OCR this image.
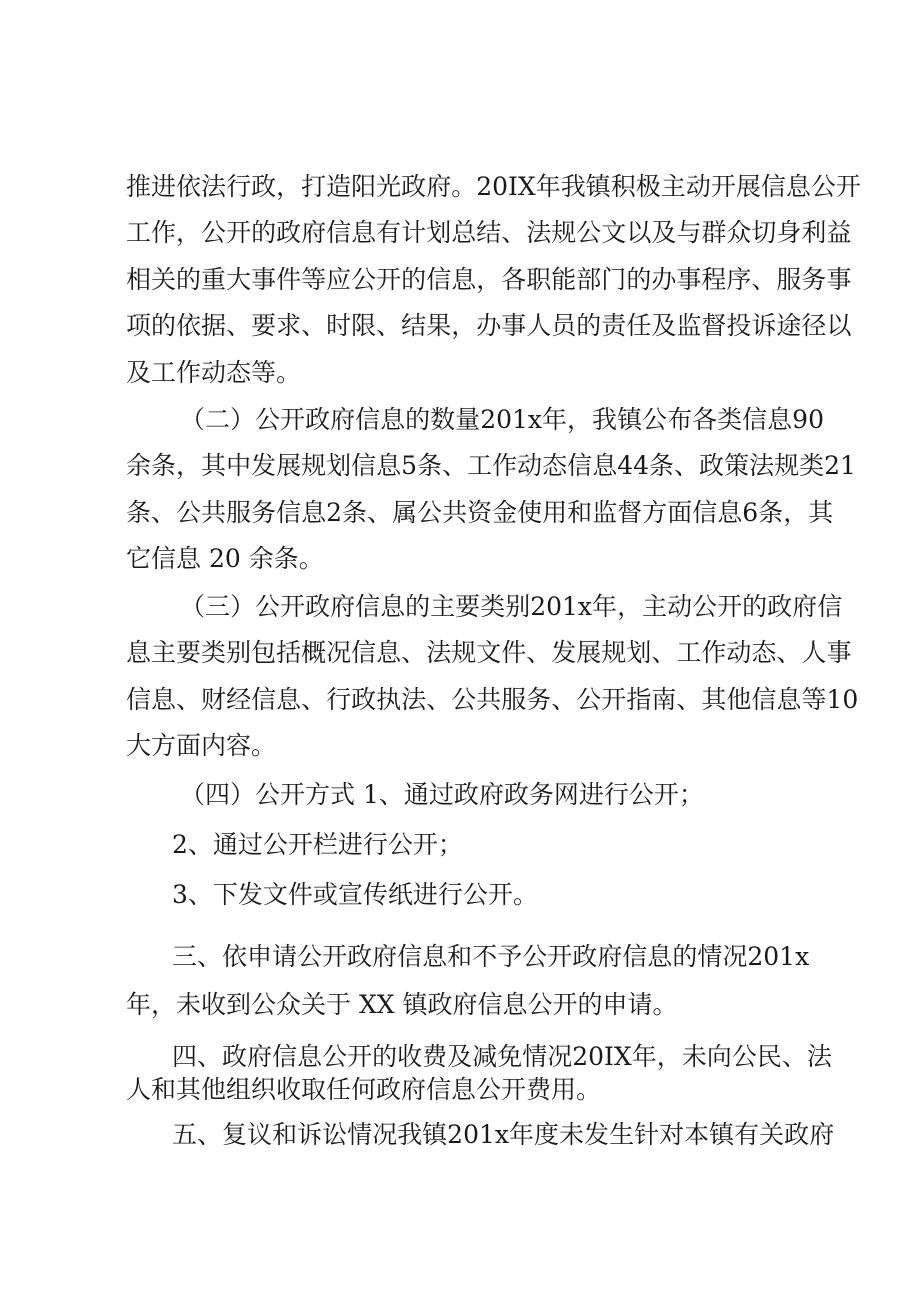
推 进 依 法 行 政 ， 打 造 阳 光 政 府 。 20IX 年 我 镇 积 极 主 动 开 展 信 息 公 开
工 作 ， 公 开 的 政 府 信 息 有 计 划 总 结 、 法 规 公 文 以 及 与 群 众 切 身 利 益
相 关 的 重 大 事 件 等 应 公 开 的 信 息 ， 各 职 能 部 门 的 办 事 程 序 、 服 务 事
项 的 依 据 、 要 求 、 时 限 、 结 果 ， 办 事 人 员 的 责 任 及 监 督 投 诉 途 径 以
及工作动态等。
（ 二 ） 公 开 政 府 信 息 的 数 量 201x 年 ， 我 镇 公 布 各 类 信 息 90
余 条 ， 其 中 发 展 规 划 信 息 5 条 、 工 作 动 态 信 息 44 条 、 政 策 法 规 类 21
条 、 公 共 服 务 信 息 2 条 、 属 公 共 资 金 使 用 和 监 督 方 面 信 息 6 条 ， 其
它信息 20 余条。
（ 三 ） 公 开 政 府 信 息 的 主 要 类 别 201x 年 ， 主 动 公 开 的 政 府 信
息 主 要 类 别 包 括 概 况 信 息 、 法 规 文 件 、 发 展 规 划 、 工 作 动 态 、 人 事
信 息 、 财 经 信 息 、 行 政 执 法 、 公 共 服 务 、 公 开 指 南 、 其 他 信 息 等 10
大方面内容。
（四）公开方式 1、通过政府政务网进行公开；
2、通过公开栏进行公开；
3、下发文件或宣传纸进行公开。
三 、 依 申 请 公 开 政 府 信 息 和 不 予 公 开 政 府 信 息 的 情 况 201x
年，未收到公众关于 XX 镇政府信息公开的申请。
四 、 政 府 信 息 公 开 的 收 费 及 减 免 情 况 20IX 年 ， 未 向 公 民 、 法
人和其他组织收取任何政府信息公开费用。
五 、 复 议 和 诉 讼 情 况 我 镇 201x 年 度 未 发 生 针 对 本 镇 有 关 政 府
